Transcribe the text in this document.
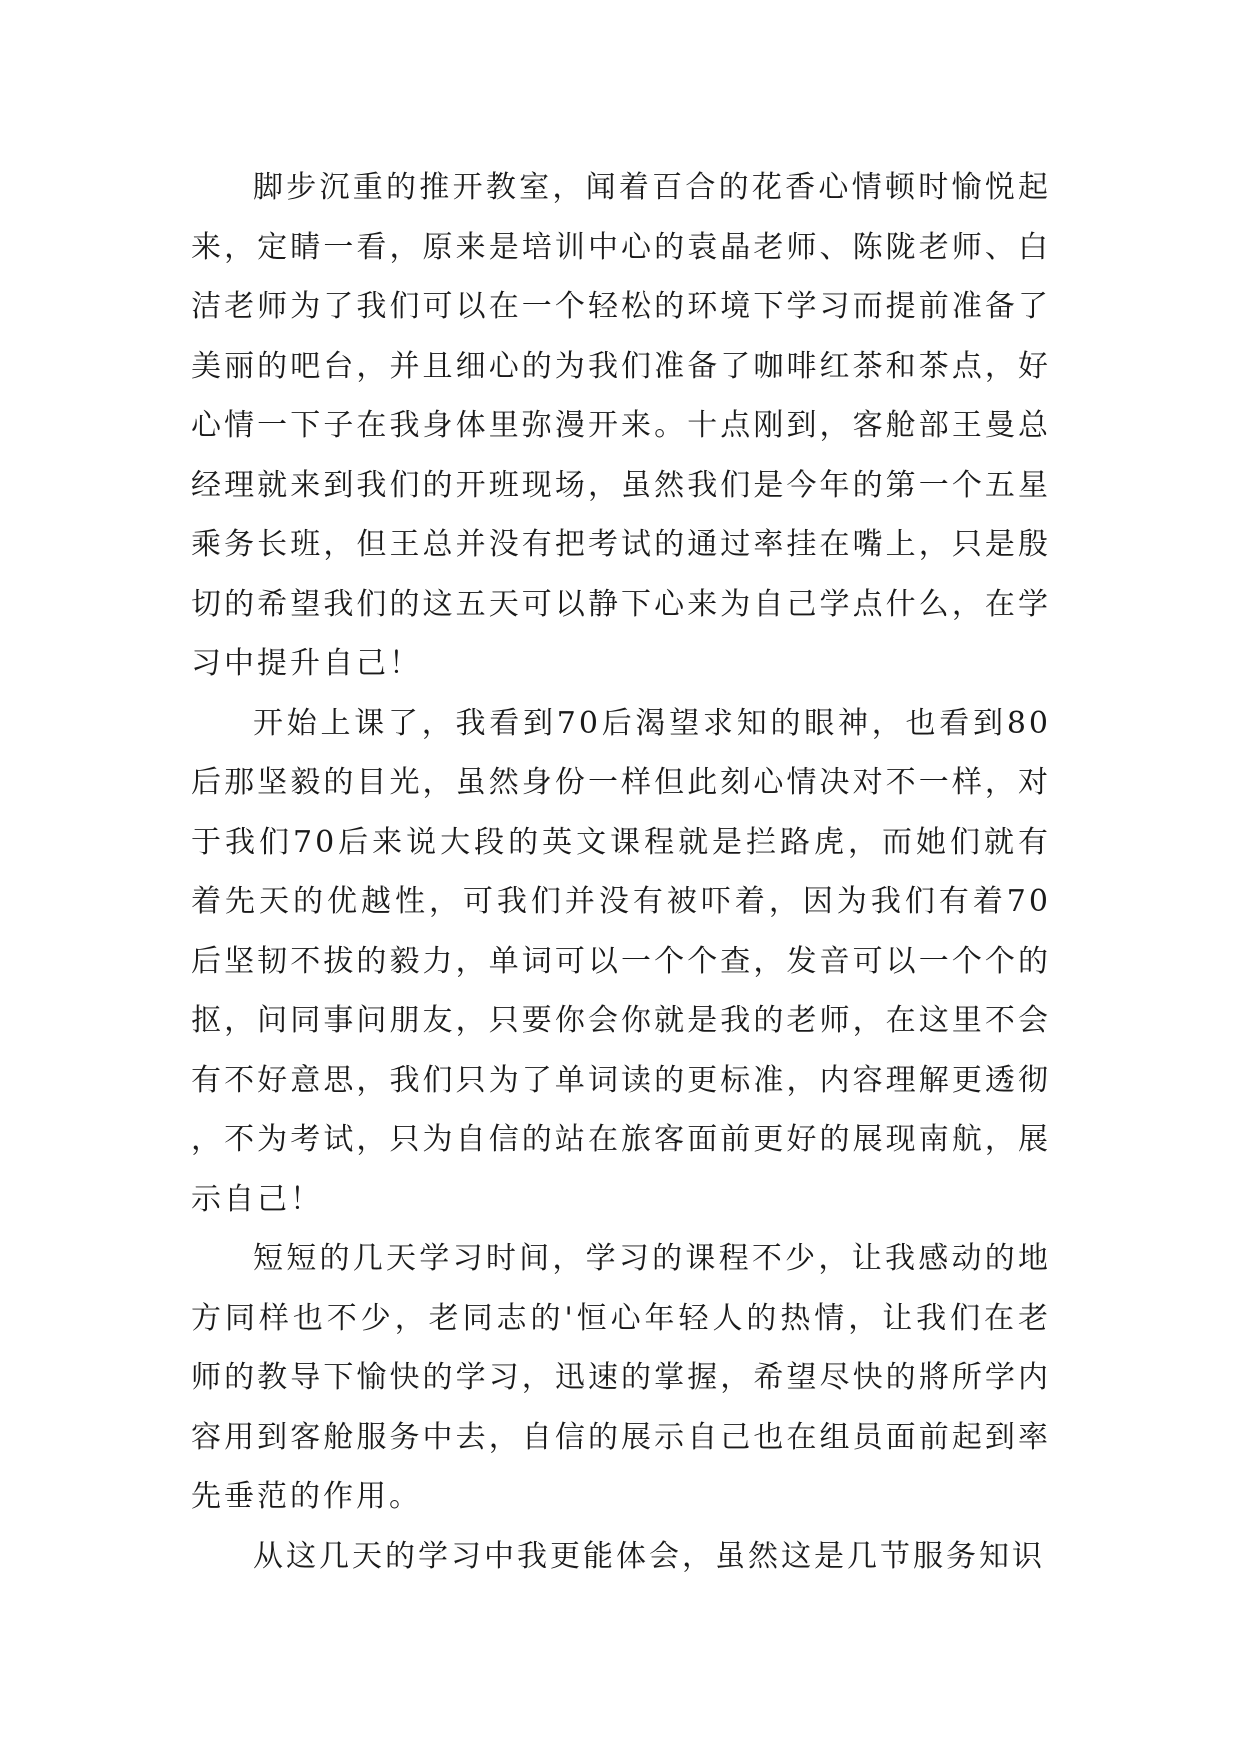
脚步沉重的推开教室，闻着百合的花香心情顿时愉悦起来，定睛一看，原来是培训中心的袁晶老师、陈陇老师、白洁老师为了我们可以在一个轻松的环境下学习而提前准备了美丽的吧台，并且细心的为我们准备了咖啡红茶和茶点，好心情一下子在我身体里弥漫开来。十点刚到，客舱部王曼总经理就来到我们的开班现场，虽然我们是今年的第一个五星乘务长班，但王总并没有把考试的通过率挂在嘴上，只是殷切的希望我们的这五天可以静下心来为自己学点什么，在学习中提升自己！

开始上课了，我看到70后渴望求知的眼神，也看到80后那坚毅的目光，虽然身份一样但此刻心情决对不一样，对于我们70后来说大段的英文课程就是拦路虎，而她们就有着先天的优越性，可我们并没有被吓着，因为我们有着70后坚韧不拔的毅力，单词可以一个个查，发音可以一个个的抠，问同事问朋友，只要你会你就是我的老师，在这里不会有不好意思，我们只为了单词读的更标准，内容理解更透彻，不为考试，只为自信的站在旅客面前更好的展现南航，展示自己！

短短的几天学习时间，学习的课程不少，让我感动的地方同样也不少，老同志的'恒心年轻人的热情，让我们在老师的教导下愉快的学习，迅速的掌握，希望尽快的將所学内容用到客舱服务中去，自信的展示自己也在组员面前起到率先垂范的作用。

从这几天的学习中我更能体会，虽然这是几节服务知识
